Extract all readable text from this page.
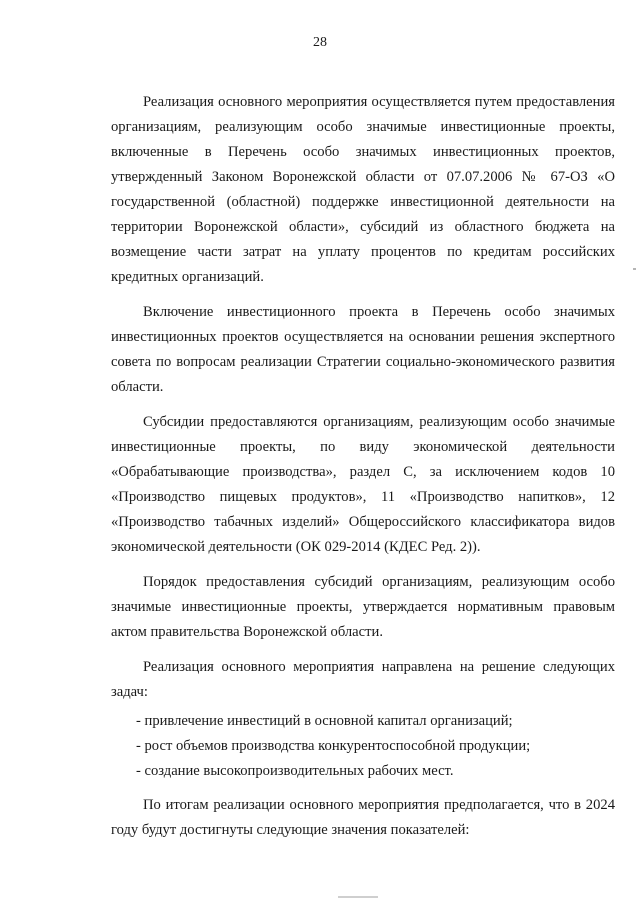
28

Реализация основного мероприятия осуществляется путем предоставления организациям, реализующим особо значимые инвестиционные проекты, включенные в Перечень особо значимых инвестиционных проектов, утвержденный Законом Воронежской области от 07.07.2006 № 67-ОЗ «О государственной (областной) поддержке инвестиционной деятельности на территории Воронежской области», субсидий из областного бюджета на возмещение части затрат на уплату процентов по кредитам российских кредитных организаций.

Включение инвестиционного проекта в Перечень особо значимых инвестиционных проектов осуществляется на основании решения экспертного совета по вопросам реализации Стратегии социально-экономического развития области.

Субсидии предоставляются организациям, реализующим особо значимые инвестиционные проекты, по виду экономической деятельности «Обрабатывающие производства», раздел С, за исключением кодов 10 «Производство пищевых продуктов», 11 «Производство напитков», 12 «Производство табачных изделий» Общероссийского классификатора видов экономической деятельности (ОК 029-2014 (КДЕС Ред. 2)).

Порядок предоставления субсидий организациям, реализующим особо значимые инвестиционные проекты, утверждается нормативным правовым актом правительства Воронежской области.

Реализация основного мероприятия направлена на решение следующих задач:

- привлечение инвестиций в основной капитал организаций;

- рост объемов производства конкурентоспособной продукции;

- создание высокопроизводительных рабочих мест.

По итогам реализации основного мероприятия предполагается, что в 2024 году будут достигнуты следующие значения показателей:
